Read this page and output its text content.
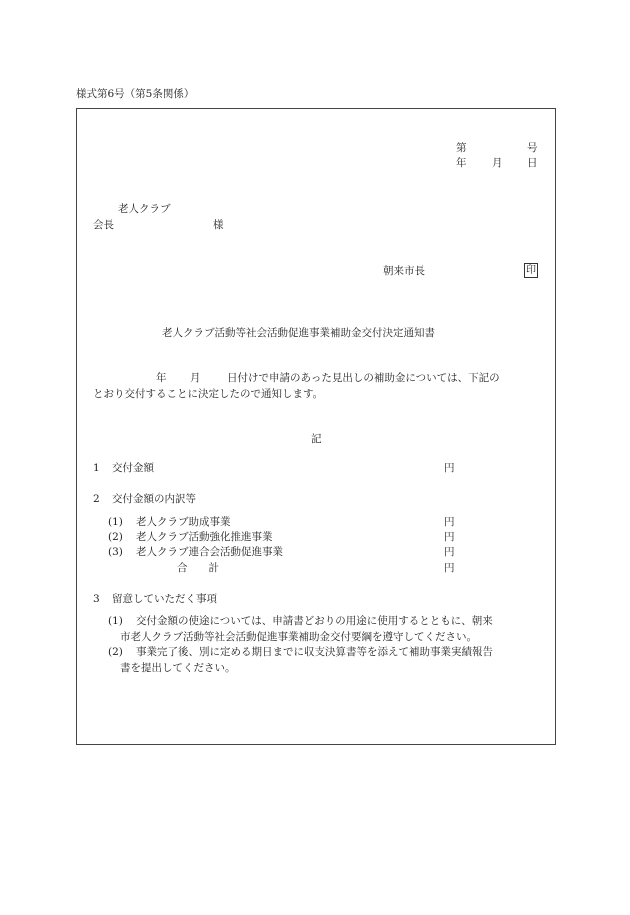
様式第6号（第5条関係）
第	号
年 月 日
老人クラブ
会長	様
朝来市長	印
老人クラブ活動等社会活動促進事業補助金交付決定通知書
年 月	日付けで申請のあった見出しの補助金については、下記の
とおり交付することに決定したので通知します。
記
1 交付金額	円
2 交付金額の内訳等
(1) 老人クラブ助成事業	円
(2) 老人クラブ活動強化推進事業	円
(3) 老人クラブ連合会活動促進事業	円
合　　計	円
3 留意していただく事項
(1) 交付金額の使途については、申請書どおりの用途に使用するとともに、朝来
市老人クラブ活動等社会活動促進事業補助金交付要綱を遵守してください。
(2) 事業完了後、別に定める期日までに収支決算書等を添えて補助事業実績報告
書を提出してください。
